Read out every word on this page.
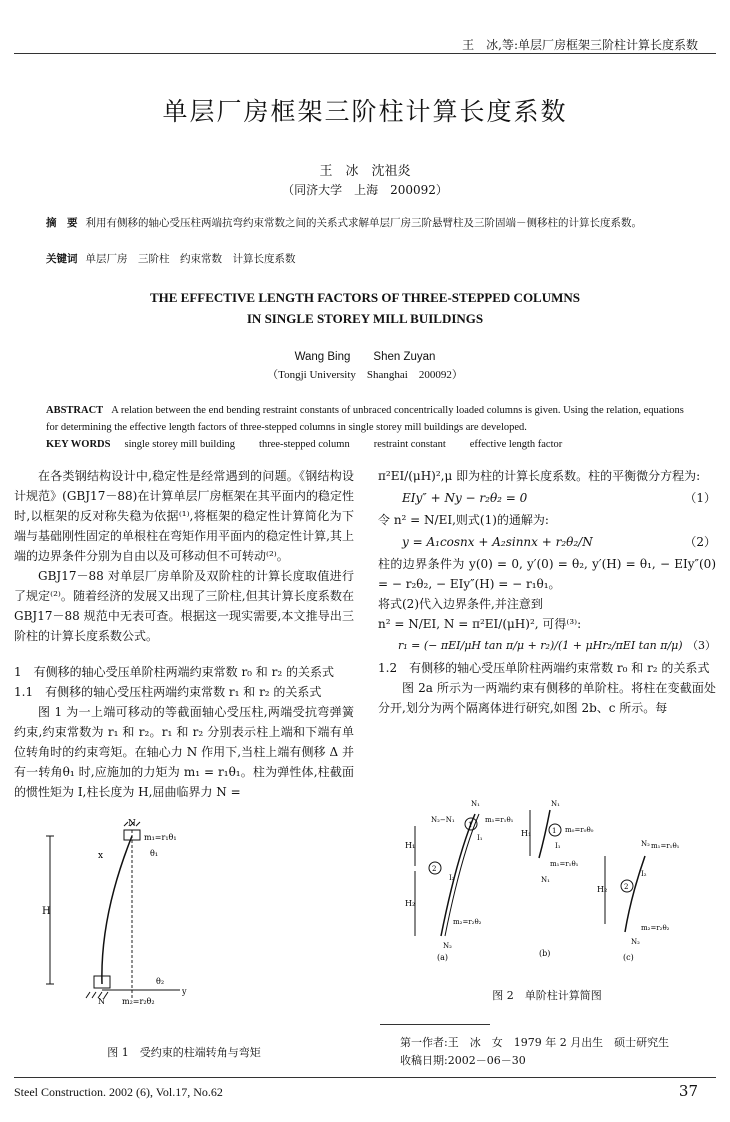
王　冰,等:单层厂房框架三阶柱计算长度系数
单层厂房框架三阶柱计算长度系数
王　冰　沈祖炎
（同济大学　上海　200092）
摘　要 利用有侧移的轴心受压柱两端抗弯约束常数之间的关系式求解单层厂房三阶悬臂柱及三阶固端－侧移柱的计算长度系数。
关键词 单层厂房　三阶柱　约束常数　计算长度系数
THE EFFECTIVE LENGTH FACTORS OF THREE-STEPPED COLUMNS
IN SINGLE STOREY MILL BUILDINGS
Wang Bing　　Shen Zuyan
（Tongji University　Shanghai　200092）
ABSTRACT A relation between the end bending restraint constants of unbraced concentrically loaded columns is given. Using the relation, equations for determining the effective length factors of three-stepped columns in single storey mill buildings are developed.
KEY WORDS single storey mill building three-stepped column restraint constant effective length factor

在各类钢结构设计中,稳定性是经常遇到的问题。《钢结构设计规范》(GBJ17－88)在计算单层厂房框架在其平面内的稳定性时,以框架的反对称失稳为依据⁽¹⁾,将框架的稳定性计算简化为下端与基础刚性固定的单根柱在弯矩作用平面内的稳定性计算,其上端的边界条件分别为自由以及可移动但不可转动⁽²⁾。

GBJ17－88 对单层厂房单阶及双阶柱的计算长度取值进行了规定⁽²⁾。随着经济的发展又出现了三阶柱,但其计算长度系数在 GBJ17－88 规范中无表可查。根据这一现实需要,本文推导出三阶柱的计算长度系数公式。

1　有侧移的轴心受压单阶柱两端约束常数 r₀ 和 r₂ 的关系式

1.1　有侧移的轴心受压柱两端约束常数 r₁ 和 r₂ 的关系式

图 1 为一上端可移动的等截面轴心受压柱,两端受抗弯弹簧约束,约束常数为 r₁ 和 r₂。r₁ 和 r₂ 分别表示柱上端和下端有单位转角时的约束弯矩。在轴心力 N 作用下,当柱上端有侧移 Δ 并有一转角θ₁ 时,应施加的力矩为 m₁ = r₁θ₁。柱为弹性体,柱截面的惯性矩为 I,柱长度为 H,屈曲临界力 N =

H
x
N
m₁=r₁θ₁
θ₁
θ₂
y
N m₂=r₂θ₂
图 1　受约束的柱端转角与弯矩

π²EI/(μH)²,μ 即为柱的计算长度系数。柱的平衡微分方程为:

EIy″ + Ny − r₂θ₂ = 0	（1）

令 n² = N/EI,则式(1)的通解为:

y = A₁cosnx + A₂sinnx + r₂θ₂/N	（2）

柱的边界条件为 y(0) = 0, y′(0) = θ₂, y′(H) = θ₁, − EIy″(0) = − r₂θ₂, − EIy″(H) = − r₁θ₁。

将式(2)代入边界条件,并注意到

n² = N/EI, N = π²EI/(μH)², 可得⁽³⁾:

r₁ = (− πEI/μH tan π/μ + r₂)/(1 + μHr₂/πEI tan π/μ) （3）

1.2　有侧移的轴心受压单阶柱两端约束常数 r₀ 和 r₂ 的关系式

图 2a 所示为一两端约束有侧移的单阶柱。将柱在变截面处分开,划分为两个隔离体进行研究,如图 2b、c 所示。每

H₁
H₂
N₁
N₂−N₁
1
2
m₁=r₁θ₁
I₁
I₂
m₂=r₂θ₂
N₂
(a)
H₁
N₁
1 m₀=r₀θ₀
I₁
m₁=r₁θ₁
N₁
(b)
H₂
N₂ m₁=r₁θ₁
2
I₂
m₂=r₂θ₂
N₂
(c)
图 2　单阶柱计算简图
第一作者:王　冰　女　1979 年 2 月出生　硕士研究生
收稿日期:2002－06－30
Steel Construction. 2002 (6), Vol.17, No.62	37
